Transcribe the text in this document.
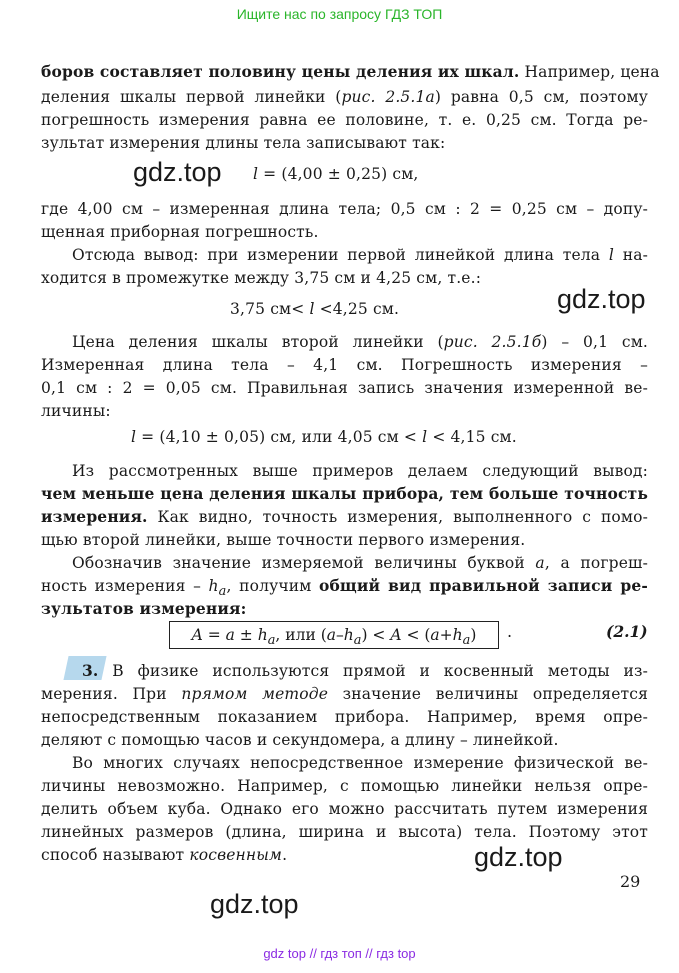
Ищите нас по запросу ГДЗ ТОП
боров составляет половину цены деления их шкал. Например, цена
деления шкалы первой линейки (рис. 2.5.1а) равна 0,5 см, поэтому
погрешность измерения равна ее половине, т. е. 0,25 см. Тогда ре-
зультат измерения длины тела записывают так:
gdz.top l = (4,00 ± 0,25) см,
где 4,00 см – измеренная длина тела; 0,5 см : 2 = 0,25 см – допу-
щенная приборная погрешность.
Отсюда вывод: при измерении первой линейкой длина тела l на-
ходится в промежутке между 3,75 см и 4,25 см, т.е.:
3,75 см< l <4,25 см.	gdz.top
Цена деления шкалы второй линейки (рис. 2.5.1б) – 0,1 см.
Измеренная длина тела – 4,1 см. Погрешность измерения –
0,1 см : 2 = 0,05 см. Правильная запись значения измеренной ве-
личины:
l = (4,10 ± 0,05) см, или 4,05 см < l < 4,15 см.
Из рассмотренных выше примеров делаем следующий вывод:
чем меньше цена деления шкалы прибора, тем больше точность
измерения. Как видно, точность измерения, выполненного с помо-
щью второй линейки, выше точности первого измерения.
Обозначив значение измеряемой величины буквой а, а погреш-
ность измерения – $h_а$, получим общий вид правильной записи ре-
зультатов измерения:
$A = a \pm h_a$, или $(a-h_a) < A < (a+h_a)$	.	(2.1)
3. В физике используются прямой и косвенный методы из-
мерения. При прямом методе значение величины определяется
непосредственным показанием прибора. Например, время опре-
деляют с помощью часов и секундомера, а длину – линейкой.
Во многих случаях непосредственное измерение физической ве-
личины невозможно. Например, с помощью линейки нельзя опре-
делить объем куба. Однако его можно рассчитать путем измерения
линейных размеров (длина, ширина и высота) тела. Поэтому этот
способ называют косвенным.	gdz.top
29
gdz.top
gdz top // гдз топ // гдз top
